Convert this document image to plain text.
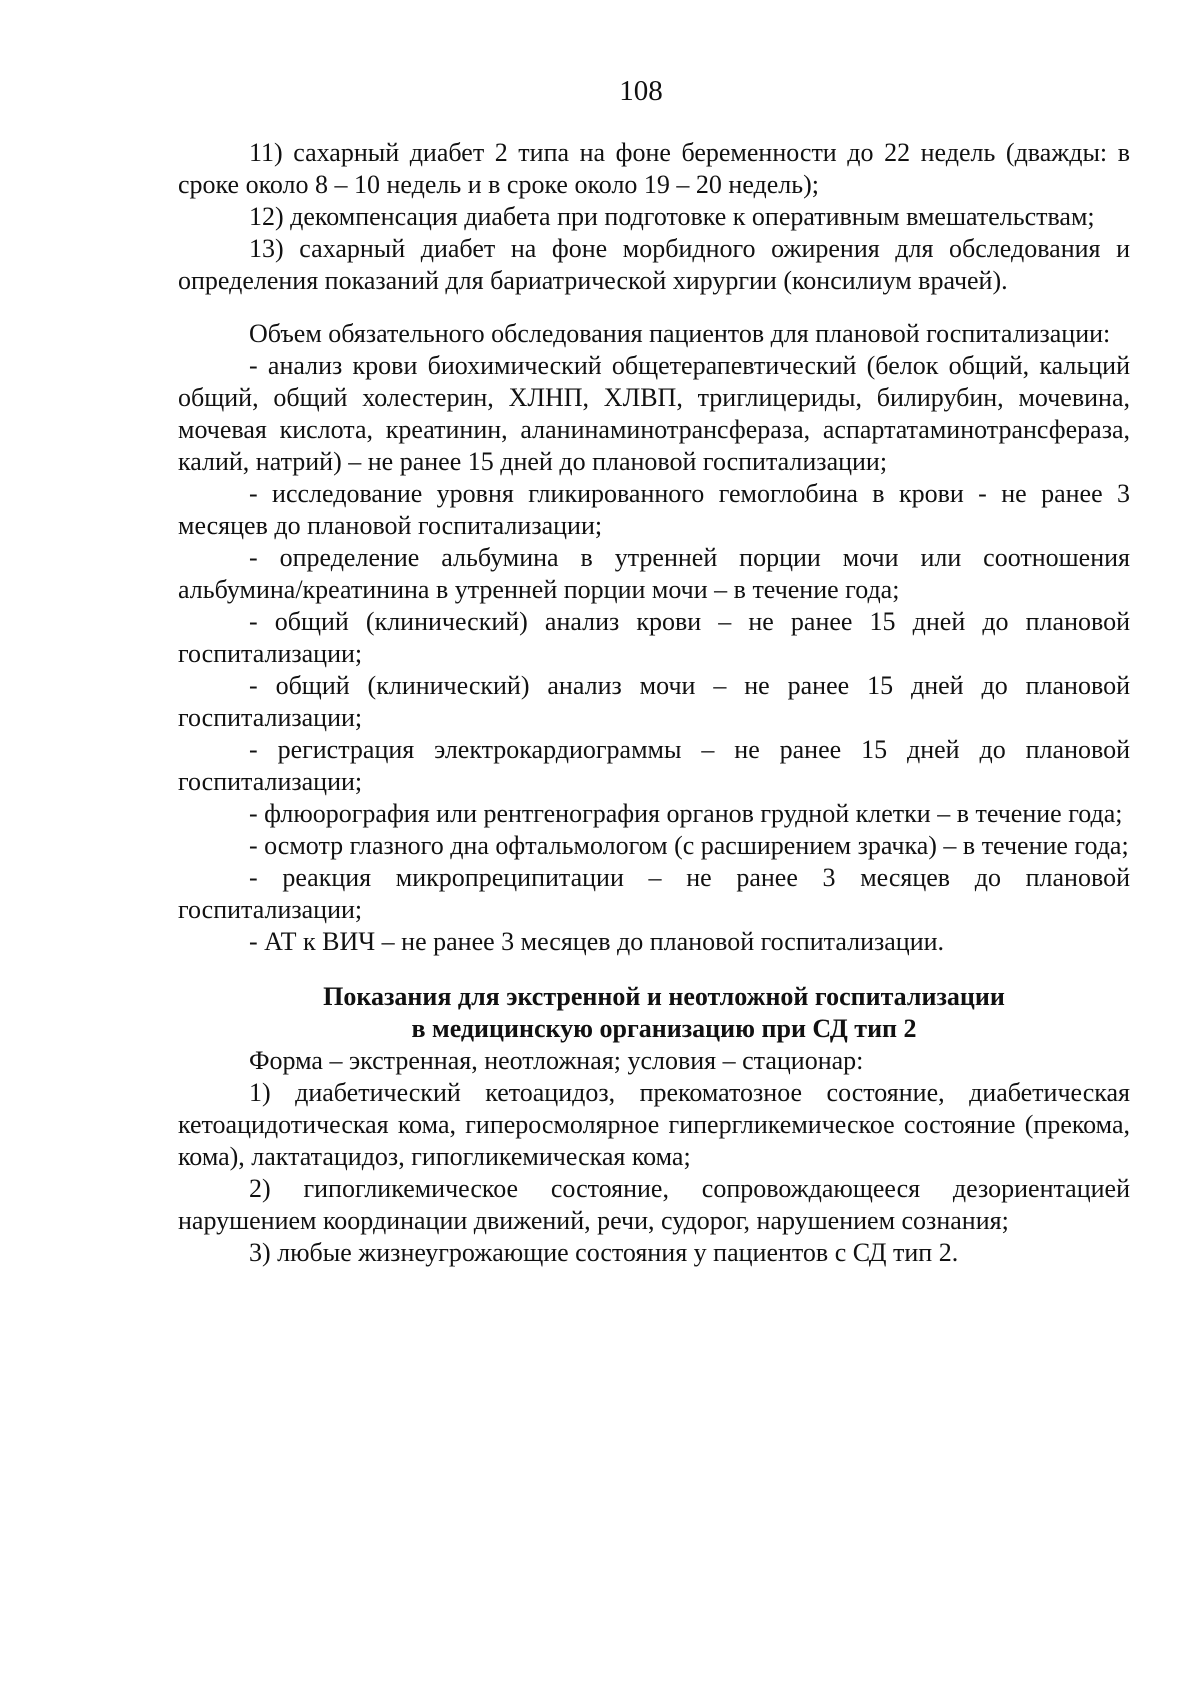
108

11) сахарный диабет 2 типа на фоне беременности до 22 недель (дважды: в сроке около 8 – 10 недель и в сроке около 19 – 20 недель);

12) декомпенсация диабета при подготовке к оперативным вмешательствам;

13) сахарный диабет на фоне морбидного ожирения для обследования и определения показаний для бариатрической хирургии (консилиум врачей).

Объем обязательного обследования пациентов для плановой госпитализации:

- анализ крови биохимический общетерапевтический (белок общий, кальций общий, общий холестерин, ХЛНП, ХЛВП, триглицериды, билирубин, мочевина, мочевая кислота, креатинин, аланинаминотрансфераза, аспартатаминотрансфераза, калий, натрий) – не ранее 15 дней до плановой госпитализации;

- исследование уровня гликированного гемоглобина в крови - не ранее 3 месяцев до плановой госпитализации;

- определение альбумина в утренней порции мочи или соотношения альбумина/креатинина в утренней порции мочи – в течение года;

- общий (клинический) анализ крови – не ранее 15 дней до плановой госпитализации;

- общий (клинический) анализ мочи – не ранее 15 дней до плановой госпитализации;

- регистрация электрокардиограммы – не ранее 15 дней до плановой госпитализации;

- флюорография или рентгенография органов грудной клетки – в течение года;

- осмотр глазного дна офтальмологом (с расширением зрачка) – в течение года;

- реакция микропреципитации – не ранее 3 месяцев до плановой госпитализации;

- АТ к ВИЧ – не ранее 3 месяцев до плановой госпитализации.

Показания для экстренной и неотложной госпитализации

в медицинскую организацию при СД тип 2

Форма – экстренная, неотложная; условия – стационар:

1) диабетический кетоацидоз, прекоматозное состояние, диабетическая кетоацидотическая кома, гиперосмолярное гипергликемическое состояние (прекома, кома), лактатацидоз, гипогликемическая кома;

2) гипогликемическое состояние, сопровождающееся дезориентацией нарушением координации движений, речи, судорог, нарушением сознания;

3) любые жизнеугрожающие состояния у пациентов с СД тип 2.
